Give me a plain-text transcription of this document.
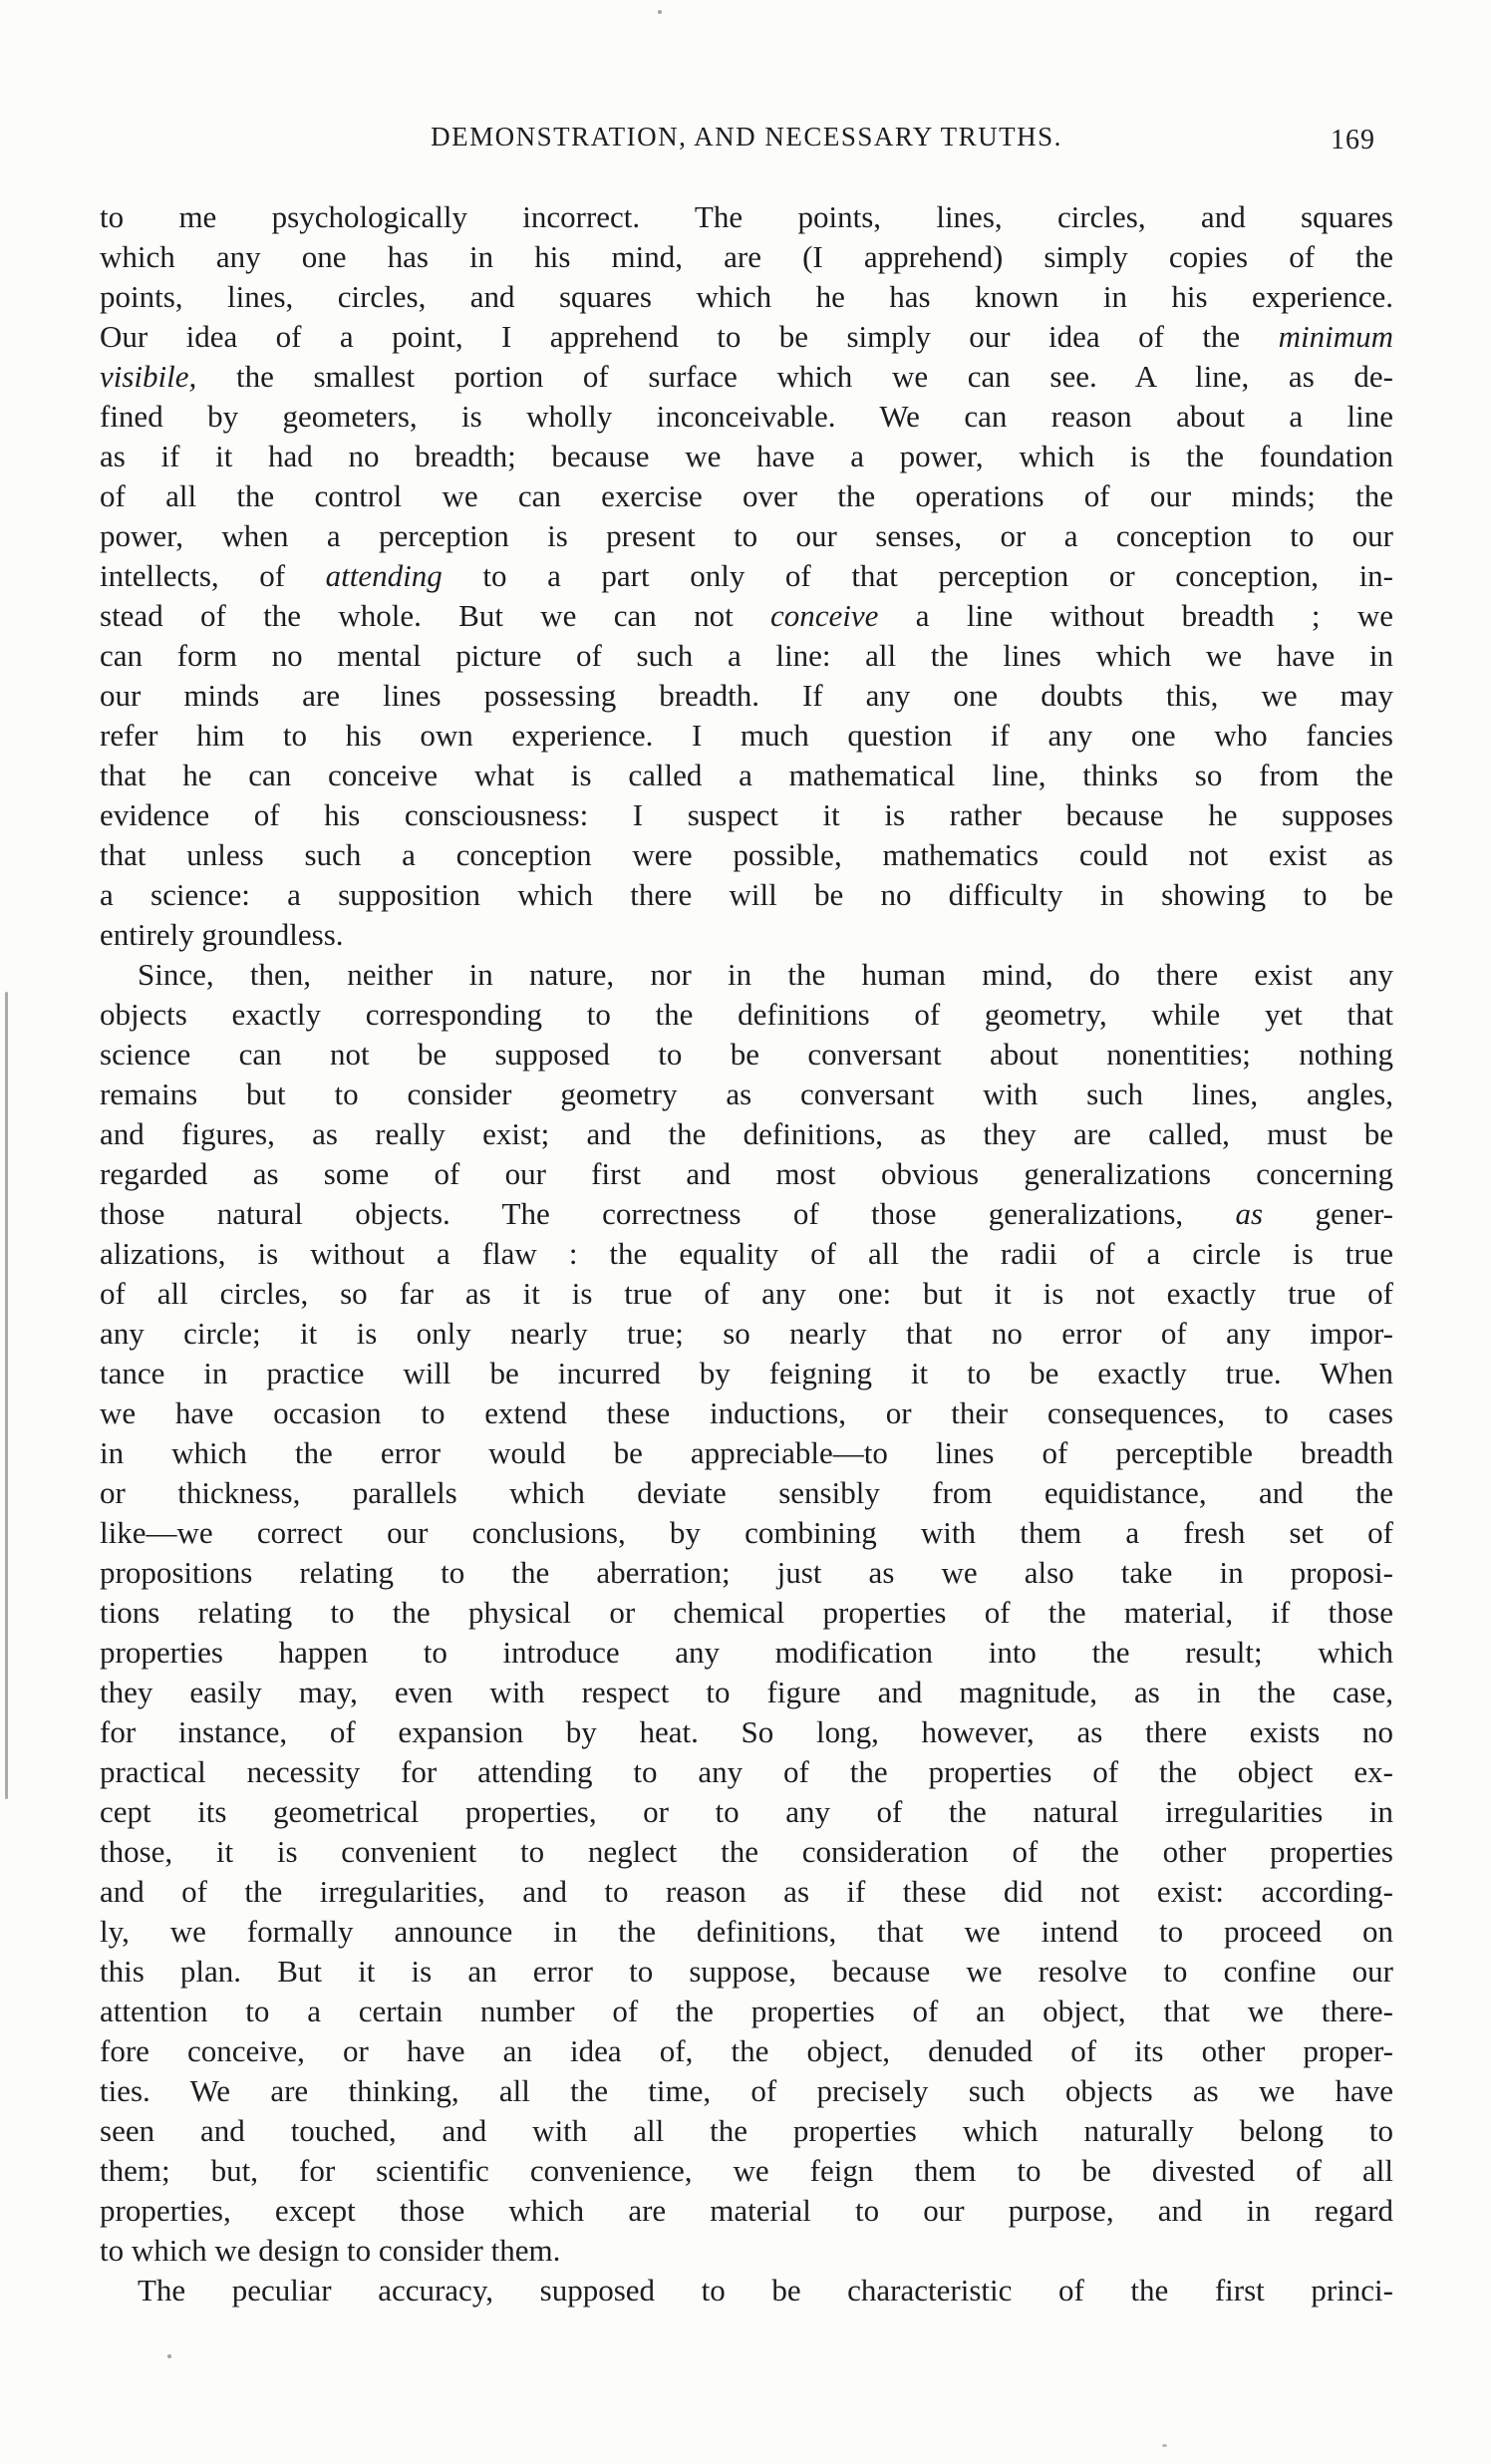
DEMONSTRATION, AND NECESSARY TRUTHS.	169
to me psychologically incorrect. The points, lines, circles, and squares
which any one has in his mind, are (I apprehend) simply copies of the
points, lines, circles, and squares which he has known in his experience.
Our idea of a point, I apprehend to be simply our idea of the minimum
visibile, the smallest portion of surface which we can see. A line, as de-
fined by geometers, is wholly inconceivable. We can reason about a line
as if it had no breadth; because we have a power, which is the foundation
of all the control we can exercise over the operations of our minds; the
power, when a perception is present to our senses, or a conception to our
intellects, of attending to a part only of that perception or conception, in-
stead of the whole. But we can not conceive a line without breadth ; we
can form no mental picture of such a line: all the lines which we have in
our minds are lines possessing breadth. If any one doubts this, we may
refer him to his own experience. I much question if any one who fancies
that he can conceive what is called a mathematical line, thinks so from the
evidence of his consciousness: I suspect it is rather because he supposes
that unless such a conception were possible, mathematics could not exist as
a science: a supposition which there will be no difficulty in showing to be
entirely groundless.
Since, then, neither in nature, nor in the human mind, do there exist any
objects exactly corresponding to the definitions of geometry, while yet that
science can not be supposed to be conversant about nonentities; nothing
remains but to consider geometry as conversant with such lines, angles,
and figures, as really exist; and the definitions, as they are called, must be
regarded as some of our first and most obvious generalizations concerning
those natural objects. The correctness of those generalizations, as gener-
alizations, is without a flaw : the equality of all the radii of a circle is true
of all circles, so far as it is true of any one: but it is not exactly true of
any circle; it is only nearly true; so nearly that no error of any impor-
tance in practice will be incurred by feigning it to be exactly true. When
we have occasion to extend these inductions, or their consequences, to cases
in which the error would be appreciable—to lines of perceptible breadth
or thickness, parallels which deviate sensibly from equidistance, and the
like—we correct our conclusions, by combining with them a fresh set of
propositions relating to the aberration; just as we also take in proposi-
tions relating to the physical or chemical properties of the material, if those
properties happen to introduce any modification into the result; which
they easily may, even with respect to figure and magnitude, as in the case,
for instance, of expansion by heat. So long, however, as there exists no
practical necessity for attending to any of the properties of the object ex-
cept its geometrical properties, or to any of the natural irregularities in
those, it is convenient to neglect the consideration of the other properties
and of the irregularities, and to reason as if these did not exist: according-
ly, we formally announce in the definitions, that we intend to proceed on
this plan. But it is an error to suppose, because we resolve to confine our
attention to a certain number of the properties of an object, that we there-
fore conceive, or have an idea of, the object, denuded of its other proper-
ties. We are thinking, all the time, of precisely such objects as we have
seen and touched, and with all the properties which naturally belong to
them; but, for scientific convenience, we feign them to be divested of all
properties, except those which are material to our purpose, and in regard
to which we design to consider them.
The peculiar accuracy, supposed to be characteristic of the first princi-
